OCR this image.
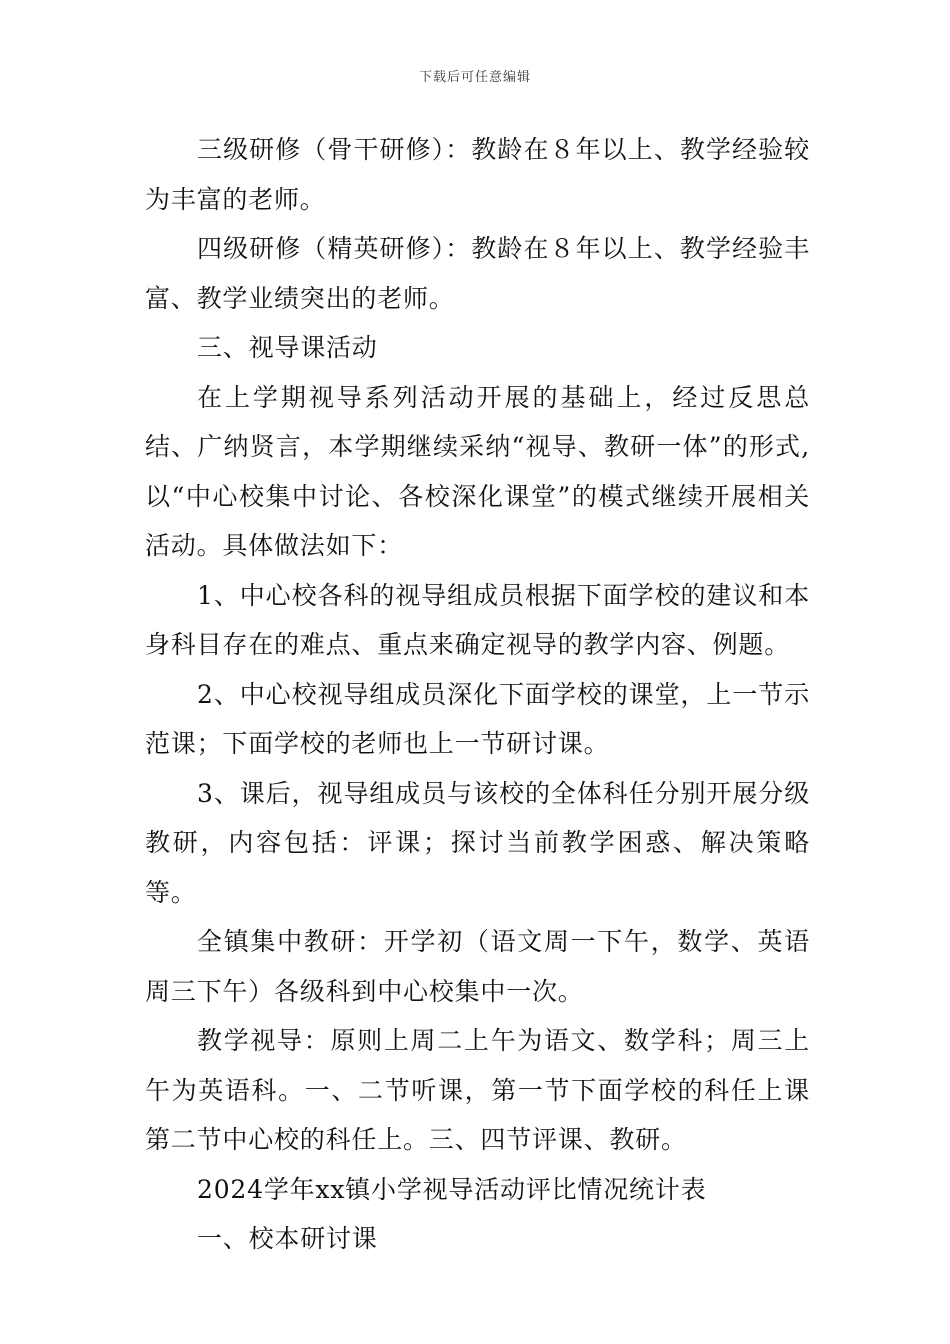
下载后可任意编辑

三级研修（骨干研修）：教龄在８年以上、教学经验较为丰富的老师。

四级研修（精英研修）：教龄在８年以上、教学经验丰富、教学业绩突出的老师。

三、视导课活动

在上学期视导系列活动开展的基础上，经过反思总结、广纳贤言，本学期继续采纳“视导、教研一体”的形式,以“中心校集中讨论、各校深化课堂”的模式继续开展相关活动。具体做法如下：

1、中心校各科的视导组成员根据下面学校的建议和本身科目存在的难点、重点来确定视导的教学内容、例题。

2、中心校视导组成员深化下面学校的课堂，上一节示范课；下面学校的老师也上一节研讨课。

3、课后，视导组成员与该校的全体科任分别开展分级教研，内容包括：评课；探讨当前教学困惑、解决策略等。

全镇集中教研：开学初（语文周一下午，数学、英语周三下午）各级科到中心校集中一次。

教学视导：原则上周二上午为语文、数学科；周三上午为英语科。一、二节听课，第一节下面学校的科任上课第二节中心校的科任上。三、四节评课、教研。

2024学年xx镇小学视导活动评比情况统计表

一、校本研讨课
